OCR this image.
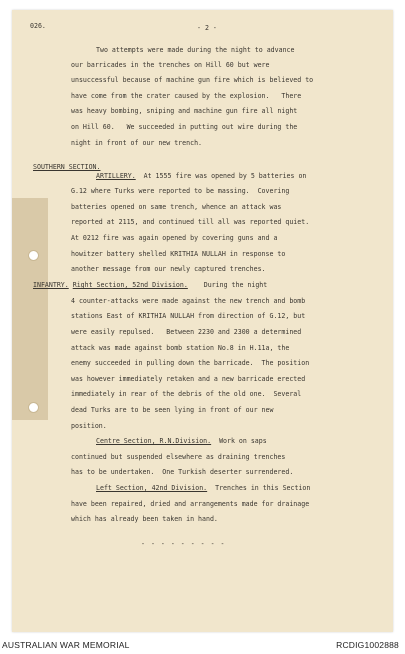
026.	- 2 -
Two attempts were made during the night to advance
our barricades in the trenches on Hill 60 but were
unsuccessful because of machine gun fire which is believed to
have come from the crater caused by the explosion.   There
was heavy bombing, sniping and machine gun fire all night
on Hill 60.   We succeeded in putting out wire during the
night in front of our new trench.
SOUTHERN SECTION.
ARTILLERY.  At 1555 fire was opened by 5 batteries on
G.12 where Turks were reported to be massing.  Covering
batteries opened on same trench, whence an attack was
reported at 2115, and continued till all was reported quiet.
At 0212 fire was again opened by covering guns and a
howitzer battery shelled KRITHIA NULLAH in response to
another message from our newly captured trenches.
INFANTRY. Right Section, 52nd Division.    During the night
4 counter-attacks were made against the new trench and bomb
stations East of KRITHIA NULLAH from direction of G.12, but
were easily repulsed.   Between 2230 and 2300 a determined
attack was made against bomb station No.8 in H.11a, the
enemy succeeded in pulling down the barricade.  The position
was however immediately retaken and a new barricade erected
immediately in rear of the debris of the old one.  Several
dead Turks are to be seen lying in front of our new
position.
Centre Section, R.N.Division.  Work on saps
continued but suspended elsewhere as draining trenches
has to be undertaken.  One Turkish deserter surrendered.
Left Section, 42nd Division.  Trenches in this Section
have been repaired, dried and arrangements made for drainage
which has already been taken in hand.
- - - - - - - - -
AUSTRALIAN WAR MEMORIAL	RCDIG1002888
